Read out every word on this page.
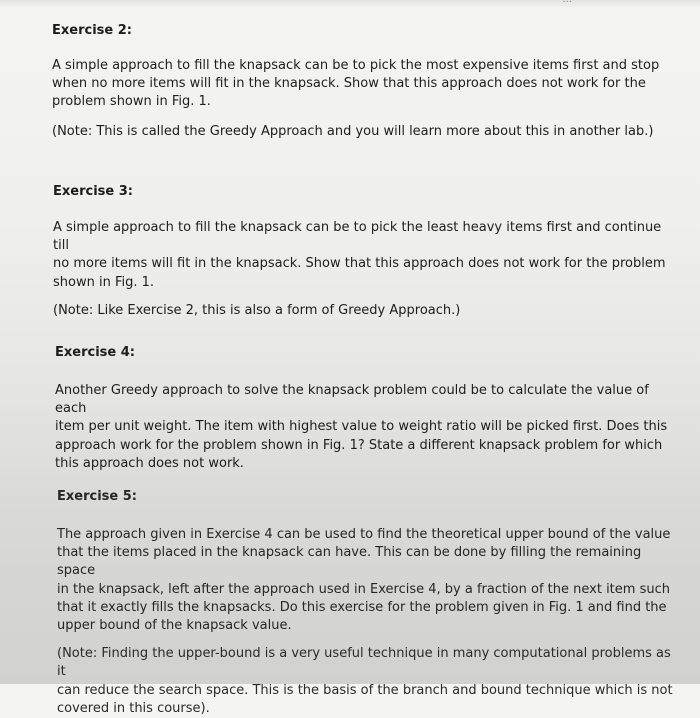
Exercise 2:

A simple approach to fill the knapsack can be to pick the most expensive items first and stop
when no more items will fit in the knapsack. Show that this approach does not work for the
problem shown in Fig. 1.

(Note: This is called the Greedy Approach and you will learn more about this in another lab.)

Exercise 3:

A simple approach to fill the knapsack can be to pick the least heavy items first and continue till
no more items will fit in the knapsack. Show that this approach does not work for the problem
shown in Fig. 1.

(Note: Like Exercise 2, this is also a form of Greedy Approach.)

Exercise 4:

Another Greedy approach to solve the knapsack problem could be to calculate the value of each
item per unit weight. The item with highest value to weight ratio will be picked first. Does this
approach work for the problem shown in Fig. 1? State a different knapsack problem for which
this approach does not work.

Exercise 5:

The approach given in Exercise 4 can be used to find the theoretical upper bound of the value
that the items placed in the knapsack can have. This can be done by filling the remaining space
in the knapsack, left after the approach used in Exercise 4, by a fraction of the next item such
that it exactly fills the knapsacks. Do this exercise for the problem given in Fig. 1 and find the
upper bound of the knapsack value.

(Note: Finding the upper-bound is a very useful technique in many computational problems as it
can reduce the search space. This is the basis of the branch and bound technique which is not
covered in this course).
